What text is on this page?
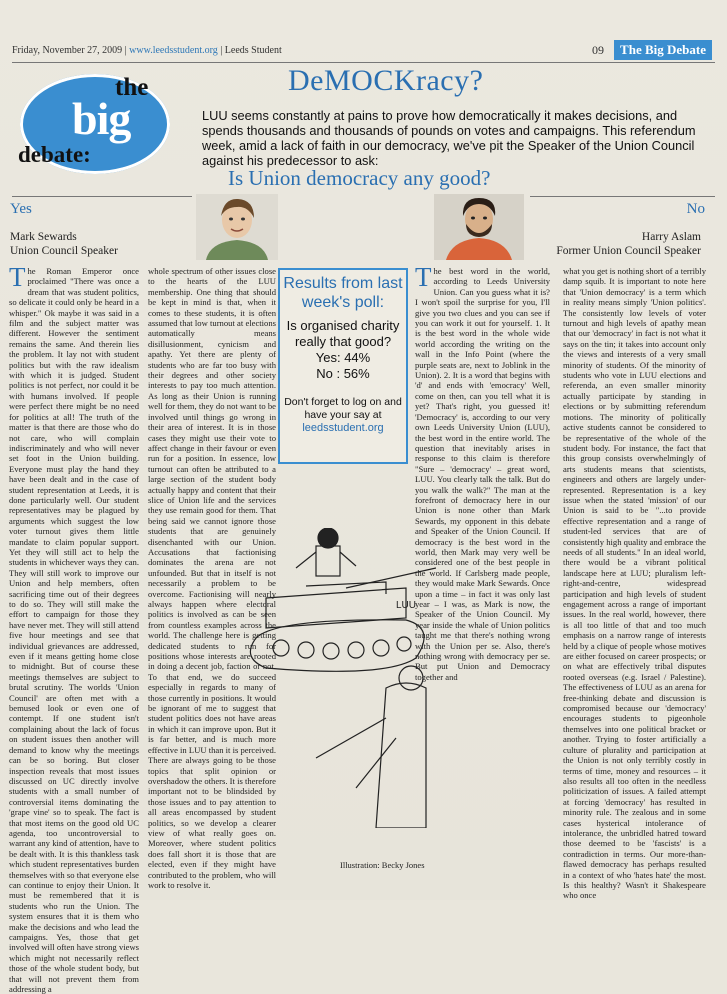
Friday, November 27, 2009 | www.leedsstudent.org | Leeds Student	09	The Big Debate
the
big
debate:
DeMOCKracy?
LUU seems constantly at pains to prove how democratically it makes decisions, and spends thousands and thousands of pounds on votes and campaigns. This referendum week, amid a lack of faith in our democracy, we've pit the Speaker of the Union Council against his predecessor to ask:
Is Union democracy any good?
Yes	No
Mark Sewards
Union Council Speaker
Harry Aslam
Former Union Council Speaker
The Roman Emperor once proclaimed "There was once a dream that was student politics, so delicate it could only be heard in a whisper." Ok maybe it was said in a film and the subject matter was different. However the sentiment remains the same. And therein lies the problem. It lay not with student politics but with the raw idealism with which it is judged. Student politics is not perfect, nor could it be with humans involved. If people were perfect there might be no need for politics at all! The truth of the matter is that there are those who do not care, who will complain indiscriminately and who will never set foot in the Union building. Everyone must play the hand they have been dealt and in the case of student representation at Leeds, it is done particularly well. Our student representatives may be plagued by arguments which suggest the low voter turnout gives them little mandate to claim popular support. Yet they will still act to help the students in whichever ways they can. They will still work to improve our Union and help members, often sacrificing time out of their degrees to do so. They will still make the effort to campaign for those they have never met. They will still attend five hour meetings and see that individual grievances are addressed, even if it means getting home close to midnight. But of course these meetings themselves are subject to brutal scrutiny. The worlds 'Union Council' are often met with a bemused look or even one of contempt. If one student isn't complaining about the lack of focus on student issues then another will demand to know why the meetings can be so boring. But closer inspection reveals that most issues discussed on UC directly involve students with a small number of controversial items dominating the 'grape vine' so to speak. The fact is that most items on the good old UC agenda, too uncontroversial to warrant any kind of attention, have to be dealt with. It is this thankless task which student representatives burden themselves with so that everyone else can continue to enjoy their Union. It must be remembered that it is students who run the Union. The system ensures that it is them who make the decisions and who lead the campaigns. Yes, those that get involved will often have strong views which might not necessarily reflect those of the whole student body, but that will not prevent them from addressing a
whole spectrum of other issues close to the hearts of the LUU membership. One thing that should be kept in mind is that, when it comes to these students, it is often assumed that low turnout at elections automatically means disillusionment, cynicism and apathy. Yet there are plenty of students who are far too busy with their degrees and other society interests to pay too much attention. As long as their Union is running well for them, they do not want to be involved until things go wrong in their area of interest. It is in those cases they might use their vote to affect change in their favour or even run for a position. In essence, low turnout can often be attributed to a large section of the student body actually happy and content that their slice of Union life and the services they use remain good for them. That being said we cannot ignore those students that are genuinely disenchanted with our Union. Accusations that factionising dominates the arena are not unfounded. But that in itself is not necessarily a problem to be overcome. Factionising will nearly always happen where electoral politics is involved as can be seen from countless examples across the world. The challenge here is getting dedicated students to run for positions whose interests are rooted in doing a decent job, faction or not. To that end, we do succeed especially in regards to many of those currently in positions. It would be ignorant of me to suggest that student politics does not have areas in which it can improve upon. But it is far better, and is much more effective in LUU than it is perceived. There are always going to be those topics that split opinion or overshadow the others. It is therefore important not to be blindsided by those issues and to pay attention to all areas encompassed by student politics, so we develop a clearer view of what really goes on. Moreover, where student politics does fall short it is those that are elected, even if they might have contributed to the problem, who will work to resolve it.
Results from last week's poll:
Is organised charity really that good?
Yes: 44%
No : 56%
Don't forget to log on and have your say at
leedsstudent.org
LUU
Illustration: Becky Jones
The best word in the world, according to Leeds University Union. Can you guess what it is? I won't spoil the surprise for you, I'll give you two clues and you can see if you can work it out for yourself. 1. It is the best word in the whole wide world according the writing on the wall in the Info Point (where the purple seats are, next to Joblink in the Union). 2. It is a word that begins with 'd' and ends with 'emocracy' Well, come on then, can you tell what it is yet? That's right, you guessed it! 'Democracy' is, according to our very own Leeds University Union (LUU), the best word in the entire world. The question that inevitably arises in response to this claim is therefore "Sure – 'democracy' – great word, LUU. You clearly talk the talk. But do you walk the walk?" The man at the forefront of democracy here in our Union is none other than Mark Sewards, my opponent in this debate and Speaker of the Union Council. If democracy is the best word in the world, then Mark may very well be considered one of the best people in the world. If Carlsberg made people, they would make Mark Sewards. Once upon a time – in fact it was only last year – I was, as Mark is now, the Speaker of the Union Council. My year inside the whale of Union politics taught me that there's nothing wrong with the Union per se. Also, there's nothing wrong with democracy per se. But put Union and Democracy together and
what you get is nothing short of a terribly damp squib. It is important to note here that 'Union democracy' is a term which in reality means simply 'Union politics'. The consistently low levels of voter turnout and high levels of apathy mean that our 'democracy' in fact is not what it says on the tin; it takes into account only the views and interests of a very small minority of students. Of the minority of students who vote in LUU elections and referenda, an even smaller minority actually participate by standing in elections or by submitting referendum motions. The minority of politically active students cannot be considered to be representative of the whole of the student body. For instance, the fact that this group consists overwhelmingly of arts students means that scientists, engineers and others are largely under-represented. Representation is a key issue when the stated 'mission' of our Union is said to be "...to provide effective representation and a range of student-led services that are of consistently high quality and embrace the needs of all students." In an ideal world, there would be a vibrant political landscape here at LUU; pluralism left-right-and-centre, widespread participation and high levels of student engagement across a range of important issues. In the real world, however, there is all too little of that and too much emphasis on a narrow range of interests held by a clique of people whose motives are either focused on career prospects; or on what are effectively tribal disputes rooted overseas (e.g. Israel / Palestine). The effectiveness of LUU as an arena for free-thinking debate and discussion is compromised because our 'democracy' encourages students to pigeonhole themselves into one political bracket or another. Trying to foster artificially a culture of plurality and participation at the Union is not only terribly costly in terms of time, money and resources – it also results all too often in the needless politicization of issues. A failed attempt at forcing 'democracy' has resulted in minority rule. The zealous and in some cases hysterical intolerance of intolerance, the unbridled hatred toward those deemed to be 'fascists' is a contradiction in terms. Our more-than-flawed democracy has perhaps resulted in a context of who 'hates hate' the most. Is this healthy? Wasn't it Shakespeare who once
